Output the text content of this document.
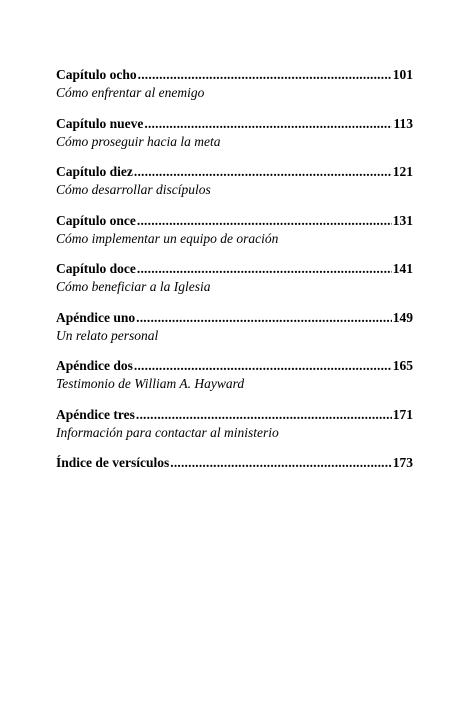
Capítulo ocho .....	101
Cómo enfrentar al enemigo
Capítulo nueve .....	113
Cómo proseguir hacia la meta
Capítulo diez .....	121
Cómo desarrollar discípulos
Capítulo once .....	131
Cómo implementar un equipo de oración
Capítulo doce .....	141
Cómo beneficiar a la Iglesia
Apéndice uno .....	149
Un relato personal
Apéndice dos .....	165
Testimonio de William A. Hayward
Apéndice tres .....	171
Información para contactar al ministerio
Índice de versículos .....	173
